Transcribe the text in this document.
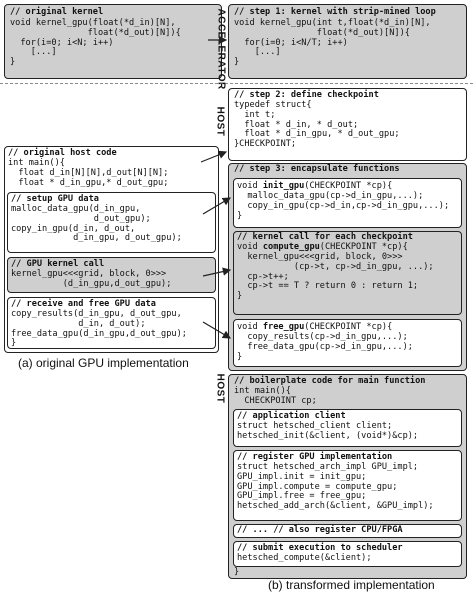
// original kernel
void kernel_gpu(float(*d_in)[N],
float(*d_out)[N]){
for(i=0; i<N; i++)
[...]
}
// original host code
int main(){
float d_in[N][N],d_out[N][N];
float * d_in_gpu,* d_out_gpu;
// setup GPU data
malloc_data_gpu(d_in_gpu,
d_out_gpu);
copy_in_gpu(d_in, d_out,
d_in_gpu, d_out_gpu);
// GPU kernel call
kernel_gpu<<<grid, block, 0>>>
(d_in_gpu,d_out_gpu);
// receive and free GPU data
copy_results(d_in_gpu, d_out_gpu,
d_in, d_out);
free_data_gpu(d_in_gpu,d_out_gpu);
}
(a) original GPU implementation
ACCELERATOR
HOST
HOST
// step 1: kernel with strip-mined loop
void kernel_gpu(int t,float(*d_in)[N],
float(*d_out)[N]){
for(i=0; i<N/T; i++)
[...]
}
// step 2: define checkpoint
typedef struct{
int t;
float * d_in, * d_out;
float * d_in_gpu, * d_out_gpu;
}CHECKPOINT;
// step 3: encapsulate functions
void init_gpu(CHECKPOINT *cp){
malloc_data_gpu(cp->d_in_gpu,...);
copy_in_gpu(cp->d_in,cp->d_in_gpu,...);
}
// kernel call for each checkpoint
void compute_gpu(CHECKPOINT *cp){
kernel_gpu<<<grid, block, 0>>>
(cp->t, cp->d_in_gpu, ...);
cp->t++;
cp->t == T ? return 0 : return 1;
}
void free_gpu(CHECKPOINT *cp){
copy_results(cp->d_in_gpu,...);
free_data_gpu(cp->d_in_gpu,...);
}
// boilerplate code for main function
int main(){
CHECKPOINT cp;
// application client
struct hetsched_client client;
hetsched_init(&client, (void*)&cp);
// register GPU implementation
struct hetsched_arch_impl GPU_impl;
GPU_impl.init = init_gpu;
GPU_impl.compute = compute_gpu;
GPU_impl.free = free_gpu;
hetsched_add_arch(&client, &GPU_impl);
// ... // also register CPU/FPGA
// submit execution to scheduler
hetsched_compute(&client);
}
(b) transformed implementation
